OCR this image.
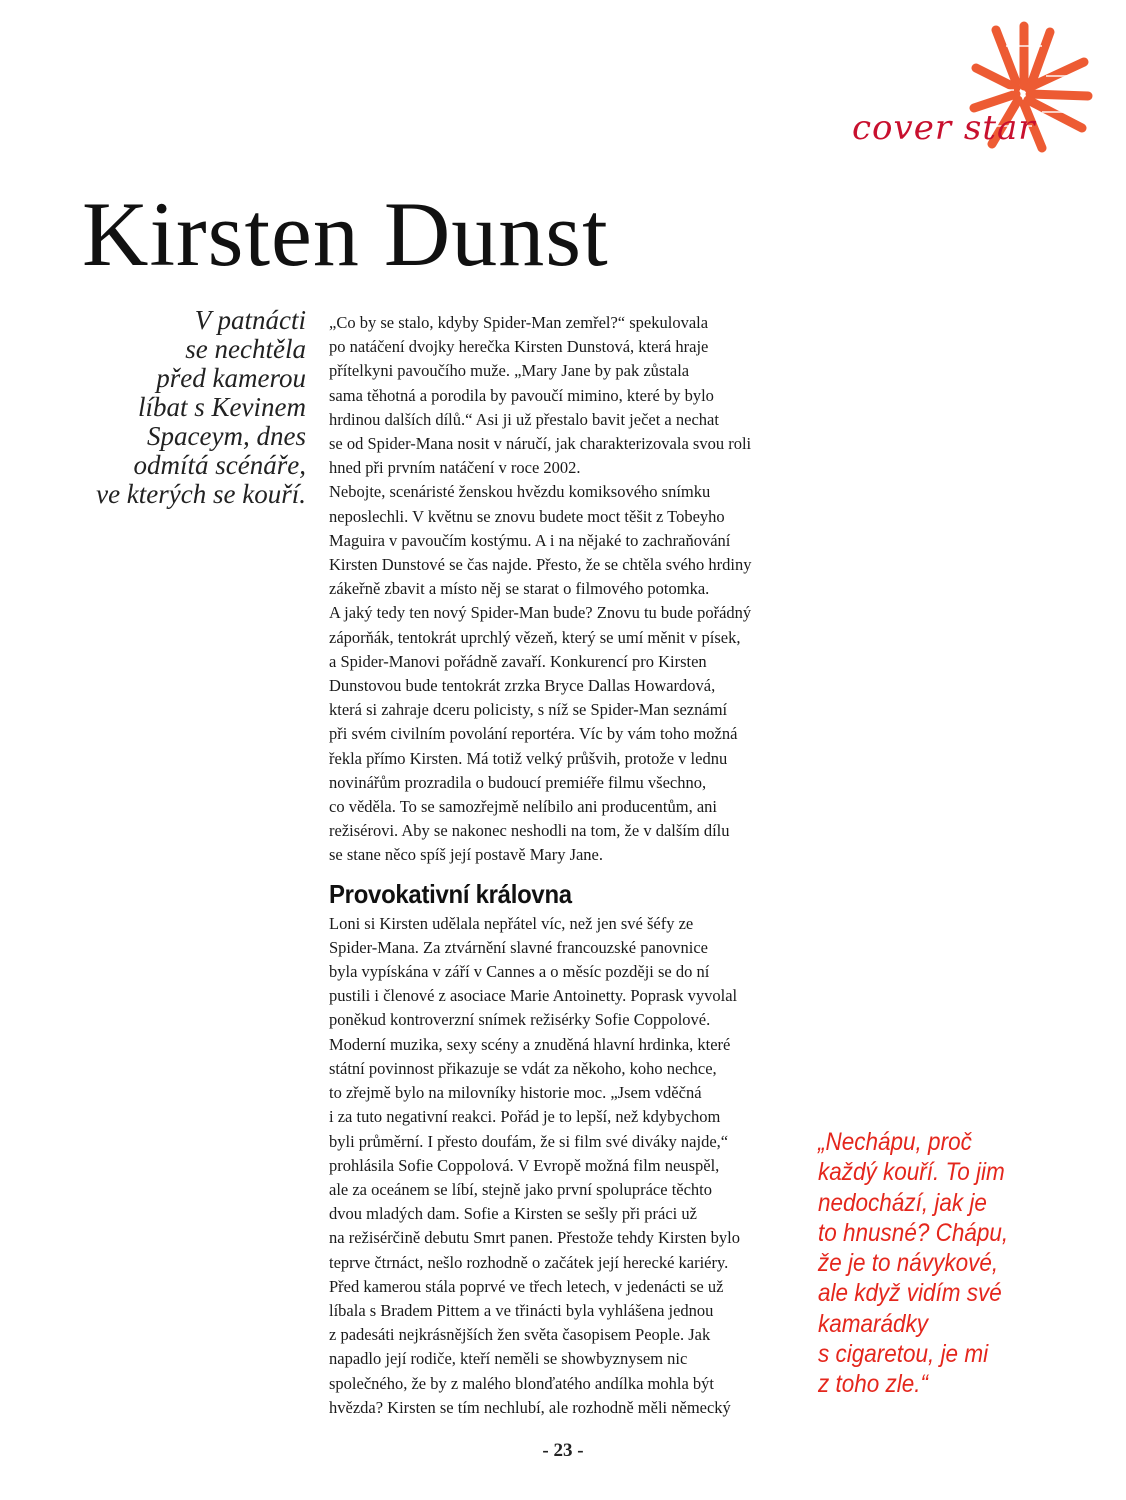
cover star
Kirsten Dunst
V patnácti
se nechtěla
před kamerou
líbat s Kevinem
Spaceym, dnes
odmítá scénáře,
ve kterých se kouří.
„Co by se stalo, kdyby Spider-Man zemřel?“ spekulovala
po natáčení dvojky herečka Kirsten Dunstová, která hraje
přítelkyni pavoučího muže. „Mary Jane by pak zůstala
sama těhotná a porodila by pavoučí mimino, které by bylo
hrdinou dalších dílů.“ Asi ji už přestalo bavit ječet a nechat
se od Spider-Mana nosit v náručí, jak charakterizovala svou roli
hned při prvním natáčení v roce 2002.
Nebojte, scenáristé ženskou hvězdu komiksového snímku
neposlechli. V květnu se znovu budete moct těšit z Tobeyho
Maguira v pavoučím kostýmu. A i na nějaké to zachraňování
Kirsten Dunstové se čas najde. Přesto, že se chtěla svého hrdiny
zákeřně zbavit a místo něj se starat o filmového potomka.
A jaký tedy ten nový Spider-Man bude? Znovu tu bude pořádný
záporňák, tentokrát uprchlý vězeň, který se umí měnit v písek,
a Spider-Manovi pořádně zavaří. Konkurencí pro Kirsten
Dunstovou bude tentokrát zrzka Bryce Dallas Howardová,
která si zahraje dceru policisty, s níž se Spider-Man seznámí
při svém civilním povolání reportéra. Víc by vám toho možná
řekla přímo Kirsten. Má totiž velký průšvih, protože v lednu
novinářům prozradila o budoucí premiéře filmu všechno,
co věděla. To se samozřejmě nelíbilo ani producentům, ani
režisérovi. Aby se nakonec neshodli na tom, že v dalším dílu
se stane něco spíš její postavě Mary Jane.
Provokativní královna
Loni si Kirsten udělala nepřátel víc, než jen své šéfy ze
Spider-Mana. Za ztvárnění slavné francouzské panovnice
byla vypískána v září v Cannes a o měsíc později se do ní
pustili i členové z asociace Marie Antoinetty. Poprask vyvolal
poněkud kontroverzní snímek režisérky Sofie Coppolové.
Moderní muzika, sexy scény a znuděná hlavní hrdinka, které
státní povinnost přikazuje se vdát za někoho, koho nechce,
to zřejmě bylo na milovníky historie moc. „Jsem vděčná
i za tuto negativní reakci. Pořád je to lepší, než kdybychom
byli průměrní. I přesto doufám, že si film své diváky najde,“
prohlásila Sofie Coppolová. V Evropě možná film neuspěl,
ale za oceánem se líbí, stejně jako první spolupráce těchto
dvou mladých dam. Sofie a Kirsten se sešly při práci už
na režisérčině debutu Smrt panen. Přestože tehdy Kirsten bylo
teprve čtrnáct, nešlo rozhodně o začátek její herecké kariéry.
Před kamerou stála poprvé ve třech letech, v jedenácti se už
líbala s Bradem Pittem a ve třinácti byla vyhlášena jednou
z padesáti nejkrásnějších žen světa časopisem People. Jak
napadlo její rodiče, kteří neměli se showbyznysem nic
společného, že by z malého blonďatého andílka mohla být
hvězda? Kirsten se tím nechlubí, ale rozhodně měli německý
„Nechápu, proč
každý kouří. To jim
nedochází, jak je
to hnusné? Chápu,
že je to návykové,
ale když vidím své
kamarádky
s cigaretou, je mi
z toho zle.“
- 23 -
